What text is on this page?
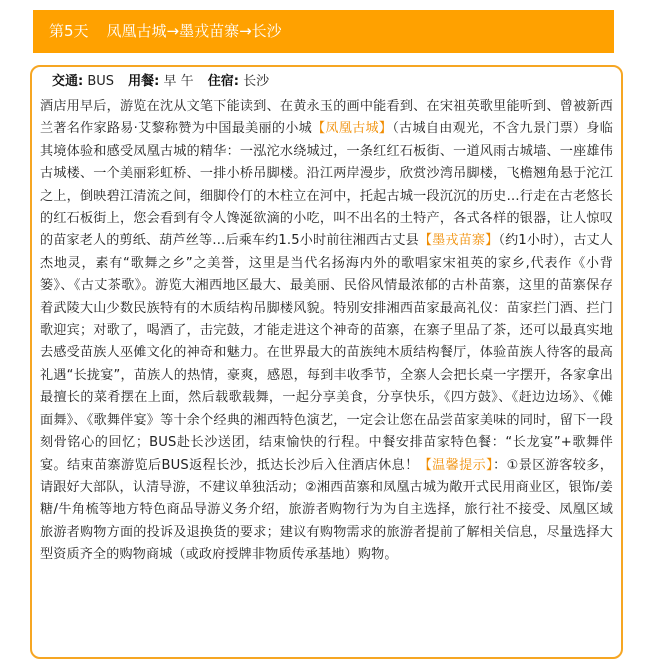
第5天 凤凰古城→墨戎苗寨→长沙
交通: BUS 用餐: 早 午 住宿: 长沙

酒店用早后，游览在沈从文笔下能读到、在黄永玉的画中能看到、在宋祖英歌里能听到、曾被新西兰著名作家路易·艾黎称赞为中国最美丽的小城【凤凰古城】（古城自由观光，不含九景门票）身临其境体验和感受凤凰古城的精华：一泓沱水绕城过，一条红红石板街、一道风雨古城墙、一座雄伟古城楼、一个美丽彩虹桥、一排小桥吊脚楼。沿江两岸漫步，欣赏沙湾吊脚楼，飞檐翘角悬于沱江之上，倒映碧江清流之间，细脚伶仃的木柱立在河中，托起古城一段沉沉的历史…行走在古老悠长的红石板街上，您会看到有令人馋涎欲滴的小吃，叫不出名的土特产，各式各样的银器，让人惊叹的苗家老人的剪纸、葫芦丝等…后乘车约1.5小时前往湘西古丈县【墨戎苗寨】（约1小时），古丈人杰地灵，素有“歌舞之乡”之美誉，这里是当代名扬海内外的歌唱家宋祖英的家乡,代表作《小背篓》、《古丈茶歌》。游览大湘西地区最大、最美丽、民俗风情最浓郁的古朴苗寨，这里的苗寨保存着武陵大山少数民族特有的木质结构吊脚楼风貌。特别安排湘西苗家最高礼仪：苗家拦门酒、拦门歌迎宾；对歌了，喝酒了，击完鼓，才能走进这个神奇的苗寨，在寨子里品了茶，还可以最真实地去感受苗族人巫傩文化的神奇和魅力。在世界最大的苗族纯木质结构餐厅，体验苗族人待客的最高礼遇“长拢宴”，苗族人的热情，豪爽，感恩，每到丰收季节，全寨人会把长桌一字摆开，各家拿出最擅长的菜肴摆在上面，然后载歌载舞，一起分享美食，分享快乐，《四方鼓》、《赶边边场》、《傩面舞》、《歌舞伴宴》等十余个经典的湘西特色演艺，一定会让您在品尝苗家美味的同时，留下一段刻骨铭心的回忆；BUS赴长沙送团，结束愉快的行程。中餐安排苗家特色餐：“长龙宴”+歌舞伴宴。结束苗寨游览后BUS返程长沙，抵达长沙后入住酒店休息！【温馨提示】：①景区游客较多，请跟好大部队，认清导游，不建议单独活动；②湘西苗寨和凤凰古城为敞开式民用商业区，银饰/姜糖/牛角梳等地方特色商品导游义务介绍，旅游者购物行为为自主选择，旅行社不接受、凤凰区域旅游者购物方面的投诉及退换货的要求；建议有购物需求的旅游者提前了解相关信息，尽量选择大型资质齐全的购物商城（或政府授牌非物质传承基地）购物。
